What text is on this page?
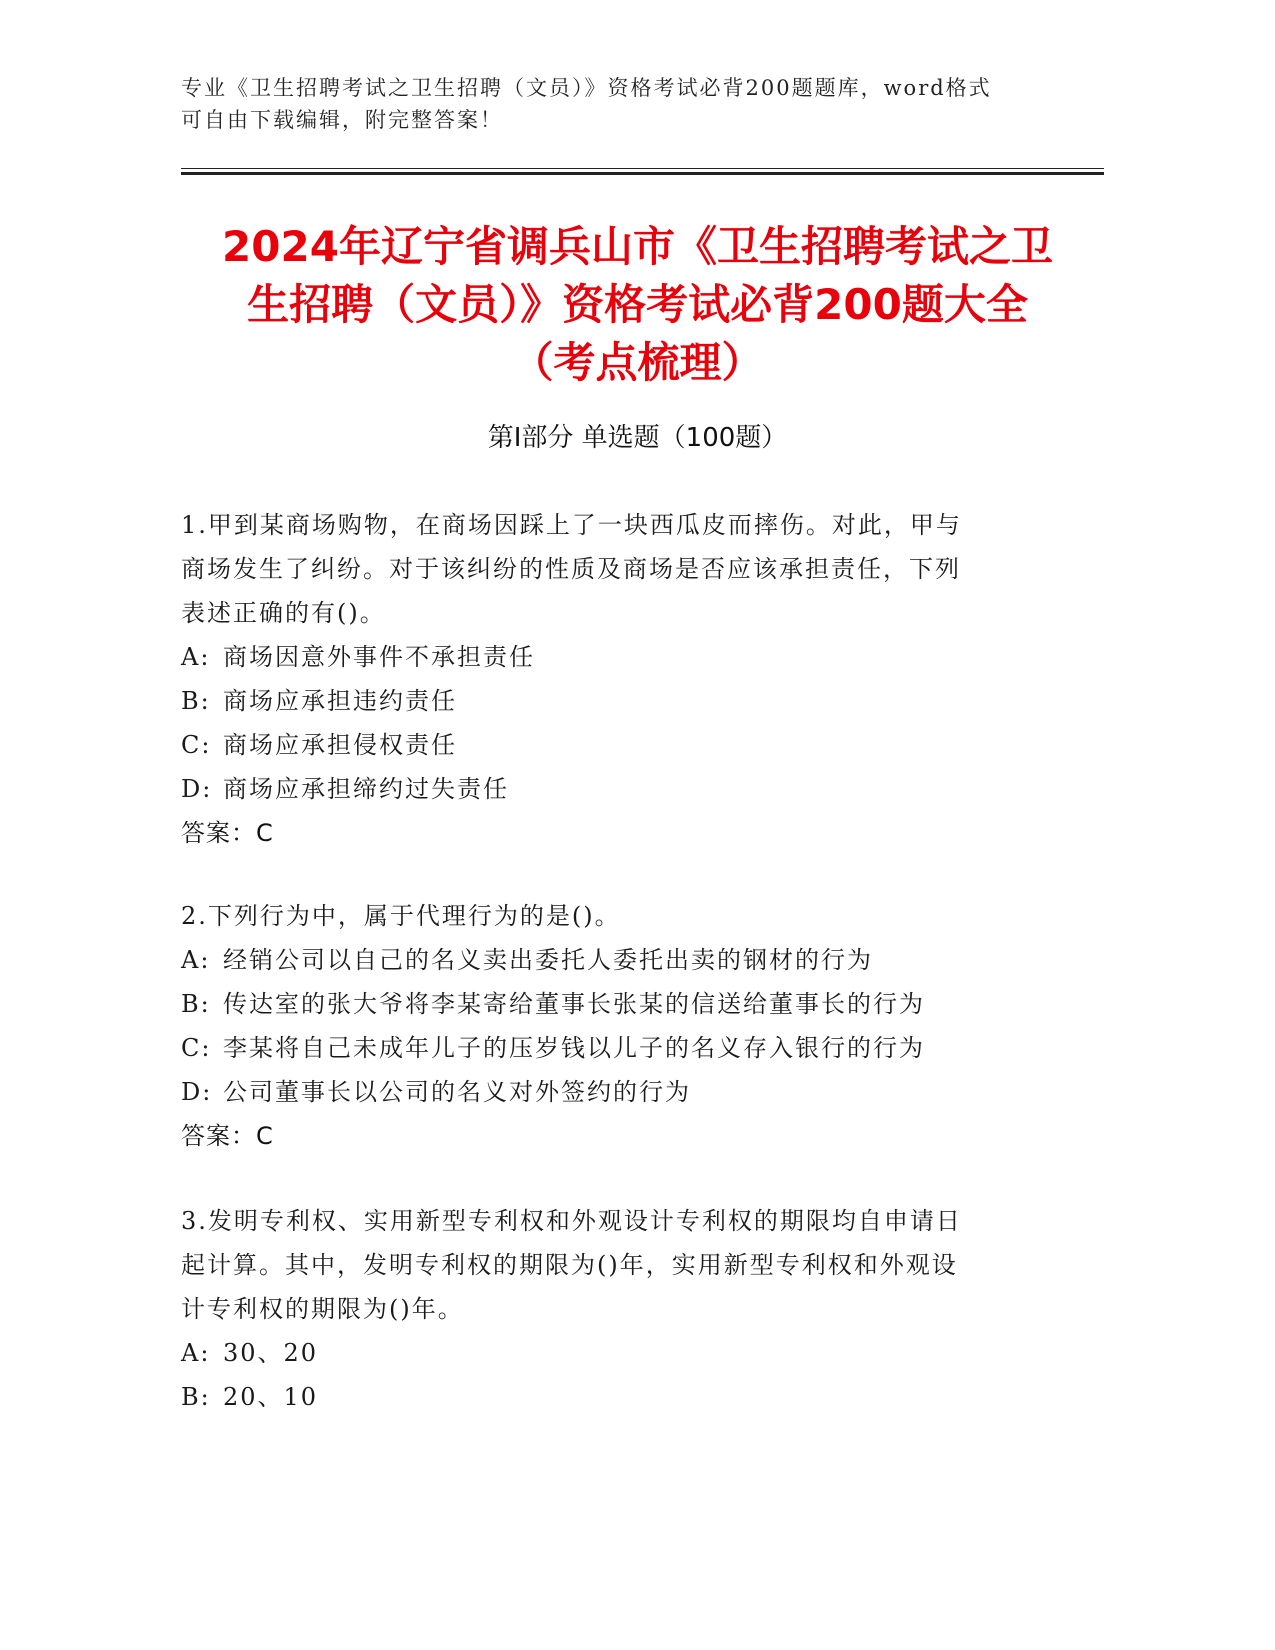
专业《卫生招聘考试之卫生招聘（文员）》资格考试必背200题题库，word格式
可自由下载编辑，附完整答案！
2024年辽宁省调兵山市《卫生招聘考试之卫
生招聘（文员）》资格考试必背200题大全
（考点梳理）
第Ⅰ部分 单选题（100题）
1.甲到某商场购物，在商场因踩上了一块西瓜皮而摔伤。对此，甲与
商场发生了纠纷。对于该纠纷的性质及商场是否应该承担责任，下列
表述正确的有()。
A: 商场因意外事件不承担责任
B: 商场应承担违约责任
C: 商场应承担侵权责任
D: 商场应承担缔约过失责任
答案：C
2.下列行为中，属于代理行为的是()。
A: 经销公司以自己的名义卖出委托人委托出卖的钢材的行为
B: 传达室的张大爷将李某寄给董事长张某的信送给董事长的行为
C: 李某将自己未成年儿子的压岁钱以儿子的名义存入银行的行为
D: 公司董事长以公司的名义对外签约的行为
答案：C
3.发明专利权、实用新型专利权和外观设计专利权的期限均自申请日
起计算。其中，发明专利权的期限为()年，实用新型专利权和外观设
计专利权的期限为()年。
A: 30、20
B: 20、10
